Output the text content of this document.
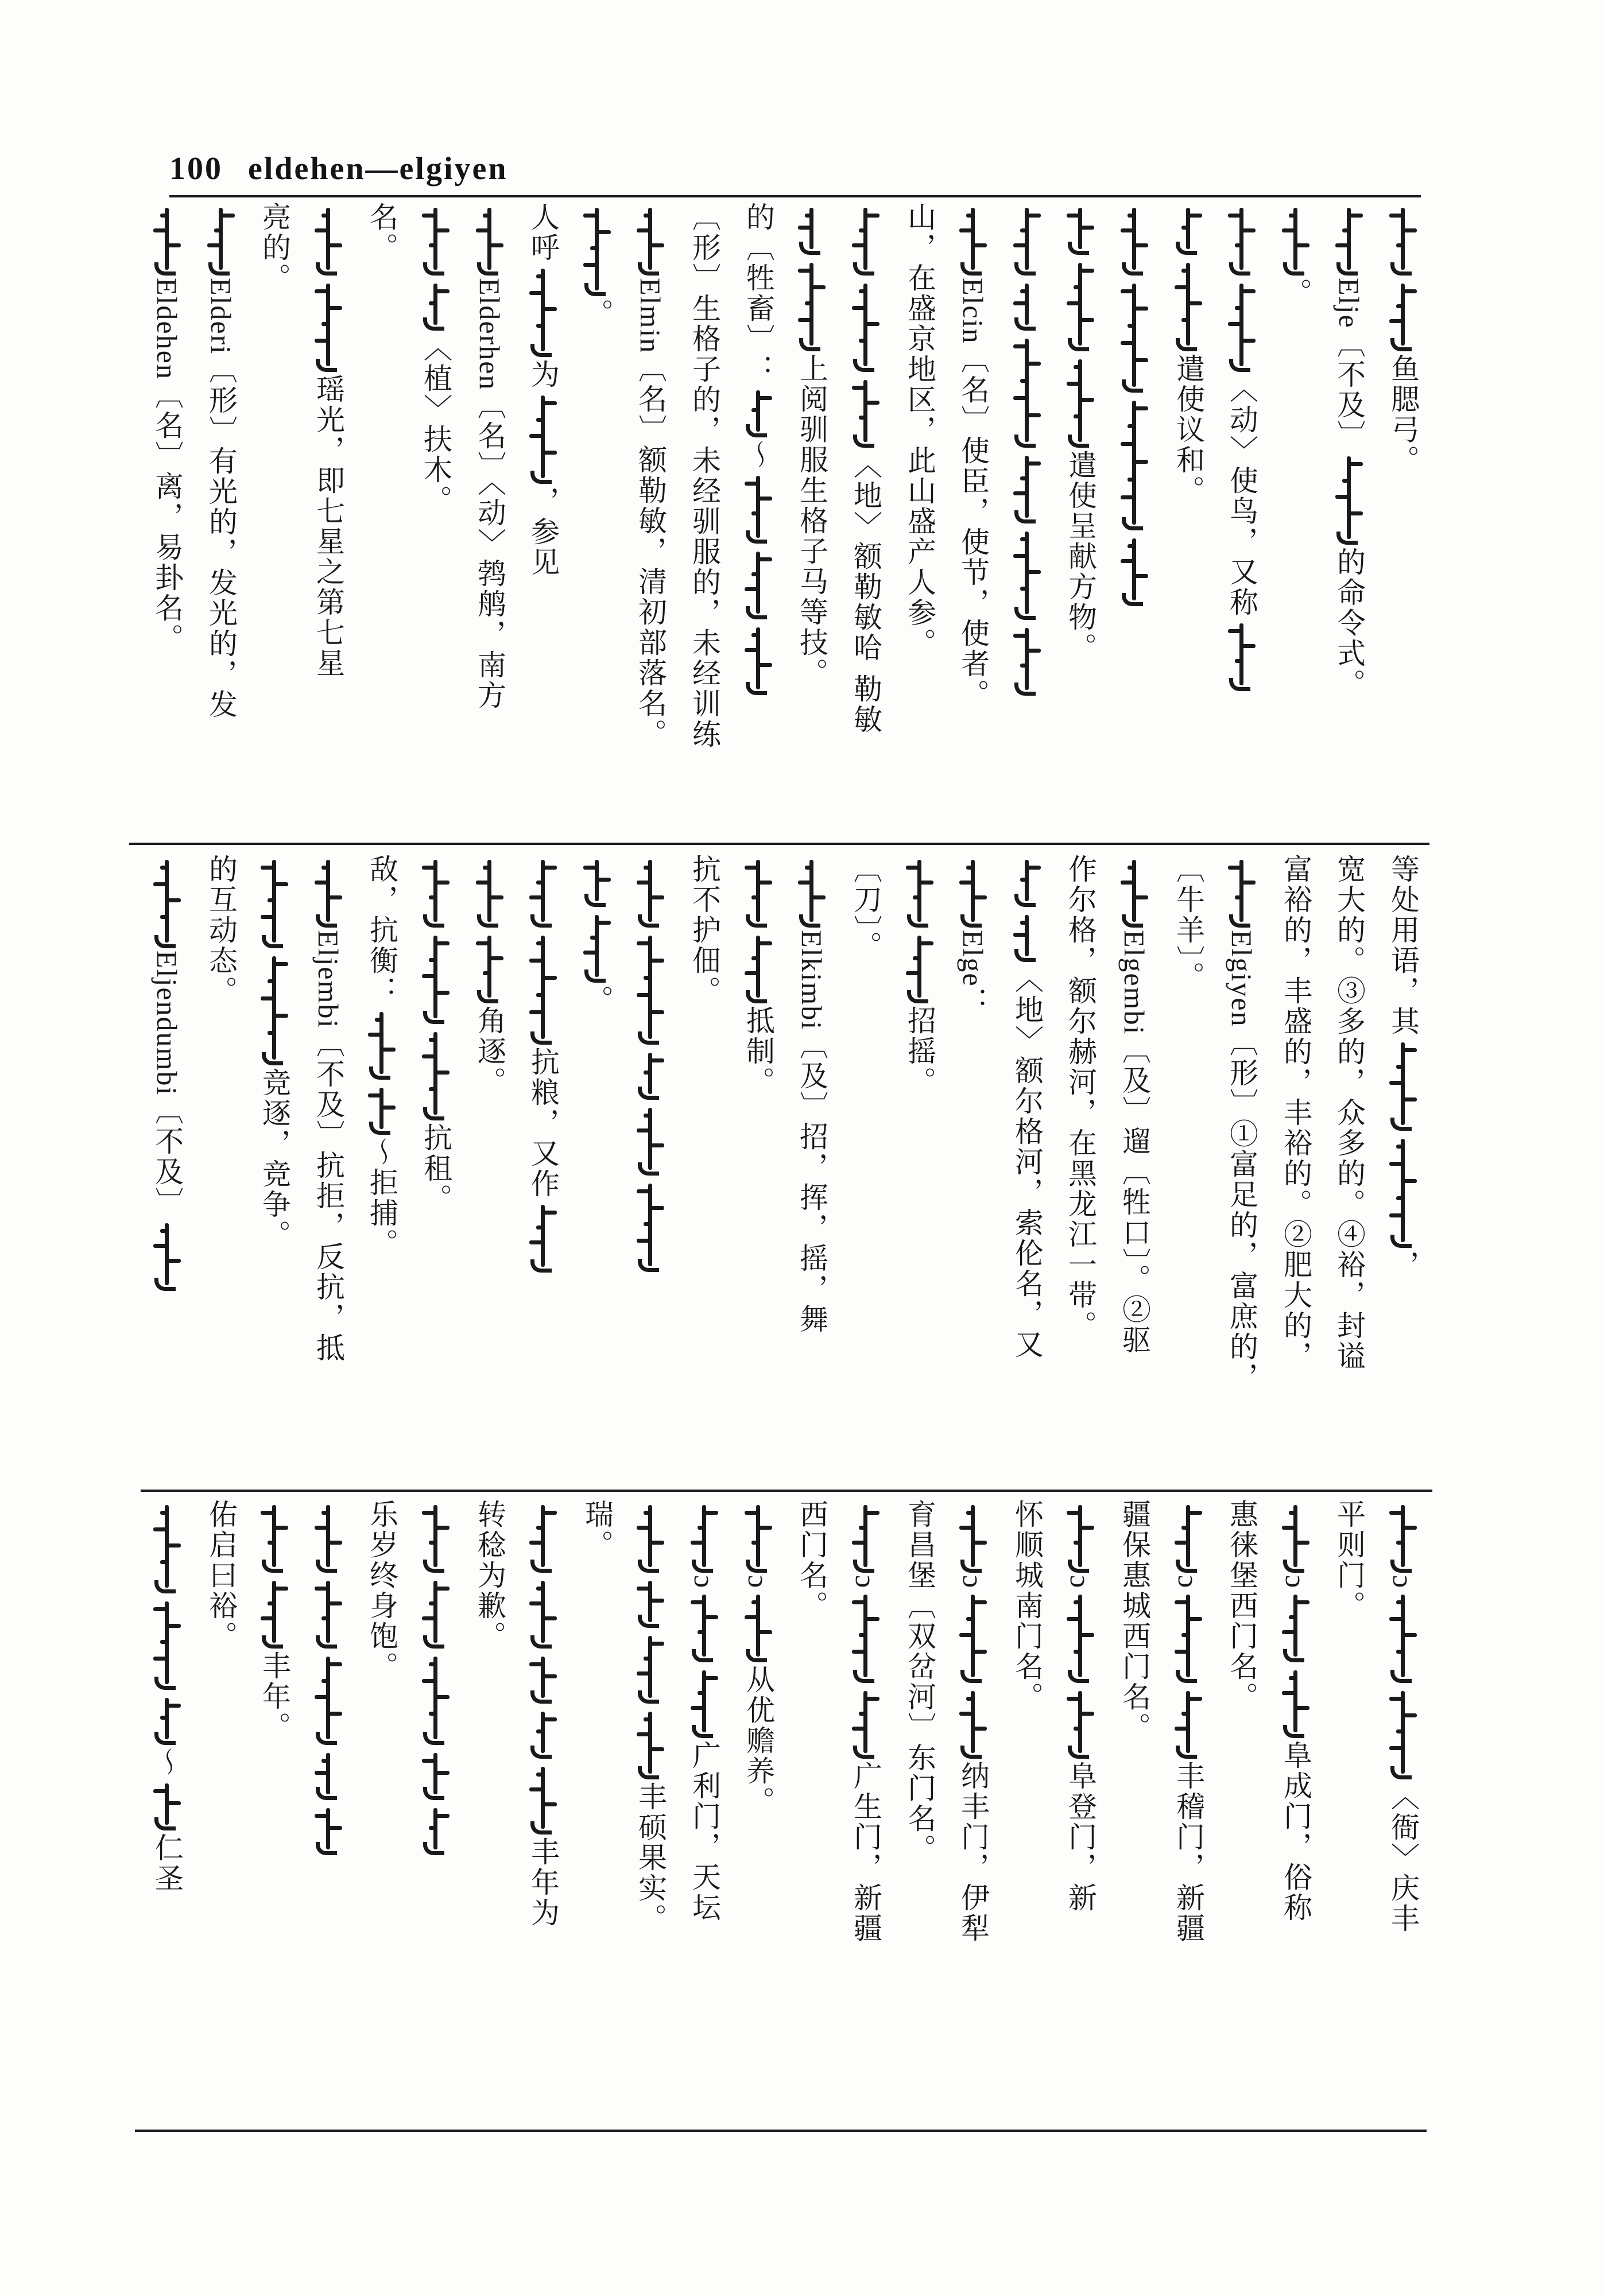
100 eldehen—elgiyen
鱼腮弓。
Elje
〔不及〕
的命令式。
。
〈动〉使鸟，又称
遣使议和。
遣使呈献方物。
Elcin
〔名〕使臣，使节，使者。
山，在盛京地区，此山盛产人参。
〈地〉额勒敏哈 勒敏
上阅驯服生格子马等技。
的〔牲畜〕：
～
〔形〕生格子的，未经驯服的，未经训练
Elmin
〔名〕额勒敏，清初部落名。
。
人呼
为
，参见
Elderhen
〔名〕〈动〉鹁鸼，南方
〈植〉扶木。
名。
瑶光，即七星之第七星
亮的。
Elderi
〔形〕有光的，发光的，发
Eldehen
〔名〕离，易卦名。
等处用语，其
，
宽大的。③多的，众多的。④裕，封谥
富裕的，丰盛的，丰裕的。②肥大的，
Elgiyen
〔形〕①富足的，富庶的，
〔牛羊〕。
Elgembi
〔及〕遛〔牲口〕。②驱
作尔格，额尔赫河，在黑龙江一带。
〈地〉额尔格河，索伦名，又
Elge：
招摇。
〔刀〕。
Elkimbi
〔及〕招，挥，摇，舞
抵制。
抗不护佃。
。
抗粮，又作
角逐。
抗租。
敌，抗衡：
～
拒捕。
Eljembi
〔不及〕抗拒，反抗，抵
竞逐，竞争。
的互动态。
Eljendumbi
〔不及〕
ɔ
〈衙〉庆丰
平则门。
ɔ
阜成门，俗称
惠徕堡西门名。
ɔ
丰稽门，新疆
疆保惠城西门名。
ɔ
阜登门，新
怀顺城南门名。
ɔ
纳丰门，伊犁
育昌堡〔双岔河〕东门名。
ɔ
广生门，新疆
西门名。
ɔ
从优赡养。
ɔ
广利门，天坛
丰硕果实。
瑞。
丰年为
转稔为歉。
乐岁终身饱。
丰年。
佑启曰裕。
～
仁圣
